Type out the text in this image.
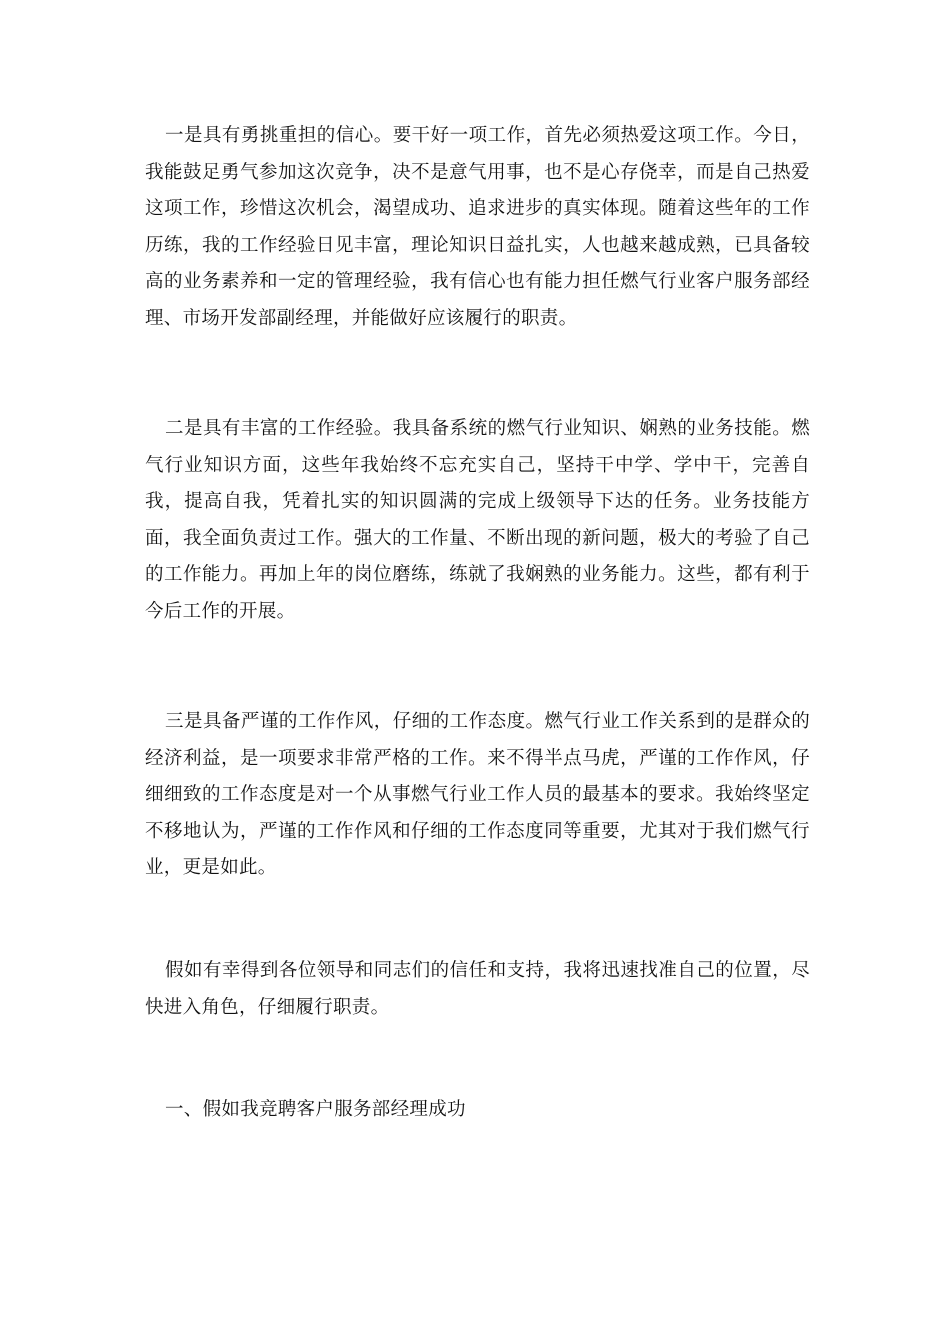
一是具有勇挑重担的信心。要干好一项工作，首先必须热爱这项工作。今日，我能鼓足勇气参加这次竞争，决不是意气用事，也不是心存侥幸，而是自己热爱这项工作，珍惜这次机会，渴望成功、追求进步的真实体现。随着这些年的工作历练，我的工作经验日见丰富，理论知识日益扎实，人也越来越成熟，已具备较高的业务素养和一定的管理经验，我有信心也有能力担任燃气行业客户服务部经理、市场开发部副经理，并能做好应该履行的职责。

二是具有丰富的工作经验。我具备系统的燃气行业知识、娴熟的业务技能。燃气行业知识方面，这些年我始终不忘充实自己，坚持干中学、学中干，完善自我，提高自我，凭着扎实的知识圆满的完成上级领导下达的任务。业务技能方面，我全面负责过工作。强大的工作量、不断出现的新问题，极大的考验了自己的工作能力。再加上年的岗位磨练，练就了我娴熟的业务能力。这些，都有利于今后工作的开展。

三是具备严谨的工作作风，仔细的工作态度。燃气行业工作关系到的是群众的经济利益，是一项要求非常严格的工作。来不得半点马虎，严谨的工作作风，仔细细致的工作态度是对一个从事燃气行业工作人员的最基本的要求。我始终坚定不移地认为，严谨的工作作风和仔细的工作态度同等重要，尤其对于我们燃气行业，更是如此。

假如有幸得到各位领导和同志们的信任和支持，我将迅速找准自己的位置，尽快进入角色，仔细履行职责。

一、假如我竞聘客户服务部经理成功
